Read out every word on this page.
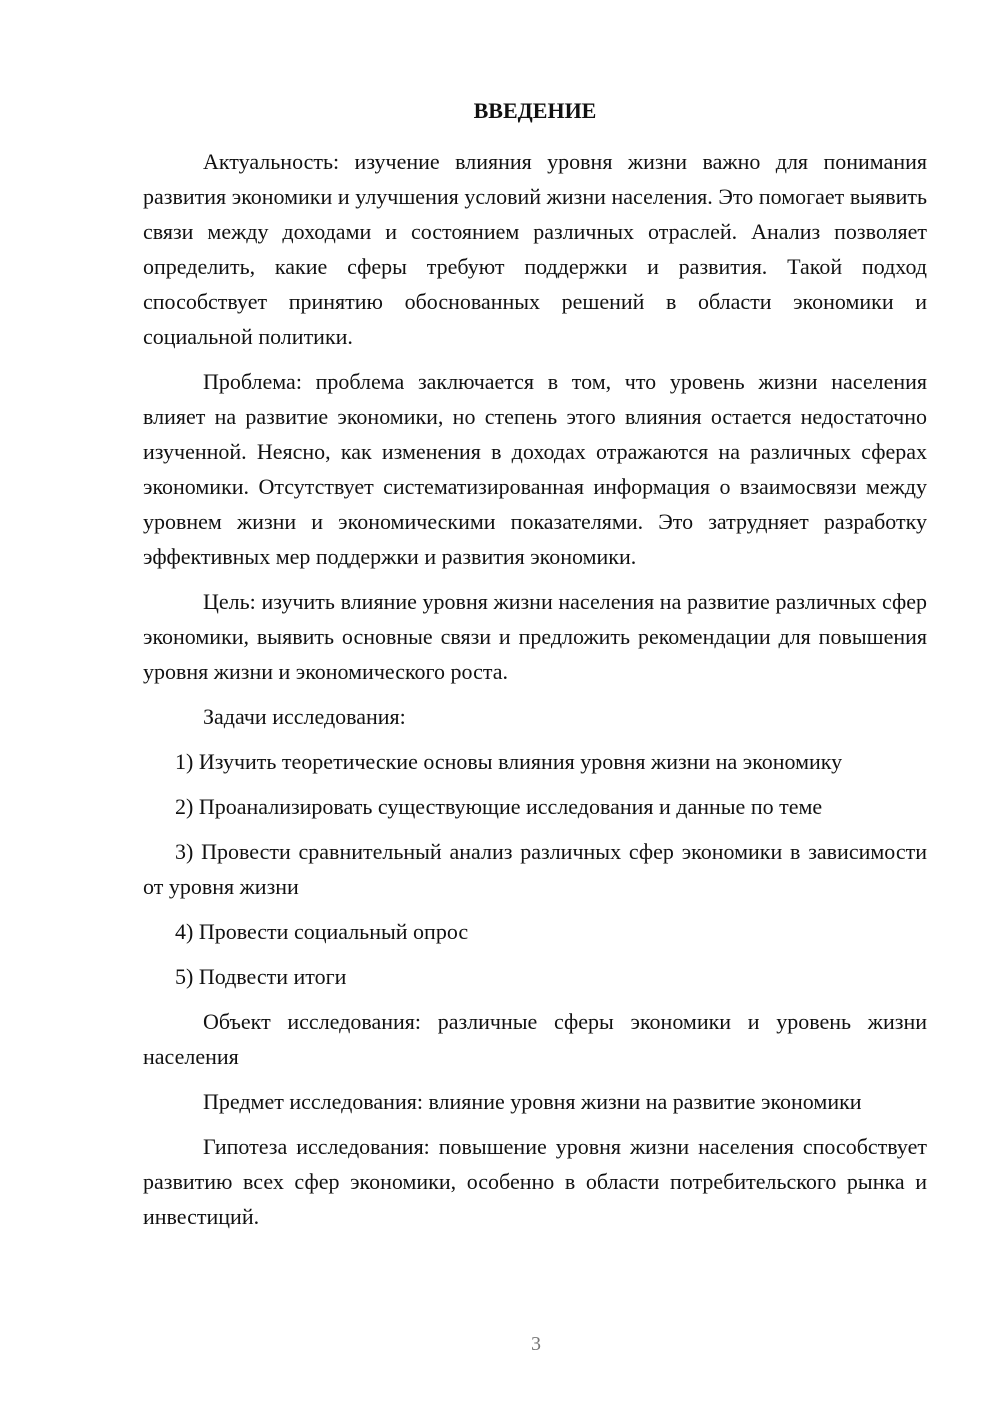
ВВЕДЕНИЕ

Актуальность: изучение влияния уровня жизни важно для понимания развития экономики и улучшения условий жизни населения. Это помогает выявить связи между доходами и состоянием различных отраслей. Анализ позволяет определить, какие сферы требуют поддержки и развития. Такой подход способствует принятию обоснованных решений в области экономики и социальной политики.

Проблема: проблема заключается в том, что уровень жизни населения влияет на развитие экономики, но степень этого влияния остается недостаточно изученной. Неясно, как изменения в доходах отражаются на различных сферах экономики. Отсутствует систематизированная информация о взаимосвязи между уровнем жизни и экономическими показателями. Это затрудняет разработку эффективных мер поддержки и развития экономики.

Цель: изучить влияние уровня жизни населения на развитие различных сфер экономики, выявить основные связи и предложить рекомендации для повышения уровня жизни и экономического роста.

Задачи исследования:

1) Изучить теоретические основы влияния уровня жизни на экономику

2) Проанализировать существующие исследования и данные по теме

3) Провести сравнительный анализ различных сфер экономики в зависимости от уровня жизни

4) Провести социальный опрос

5) Подвести итоги

Объект исследования: различные сферы экономики и уровень жизни населения

Предмет исследования: влияние уровня жизни на развитие экономики

Гипотеза исследования: повышение уровня жизни населения способствует развитию всех сфер экономики, особенно в области потребительского рынка и инвестиций.

3
